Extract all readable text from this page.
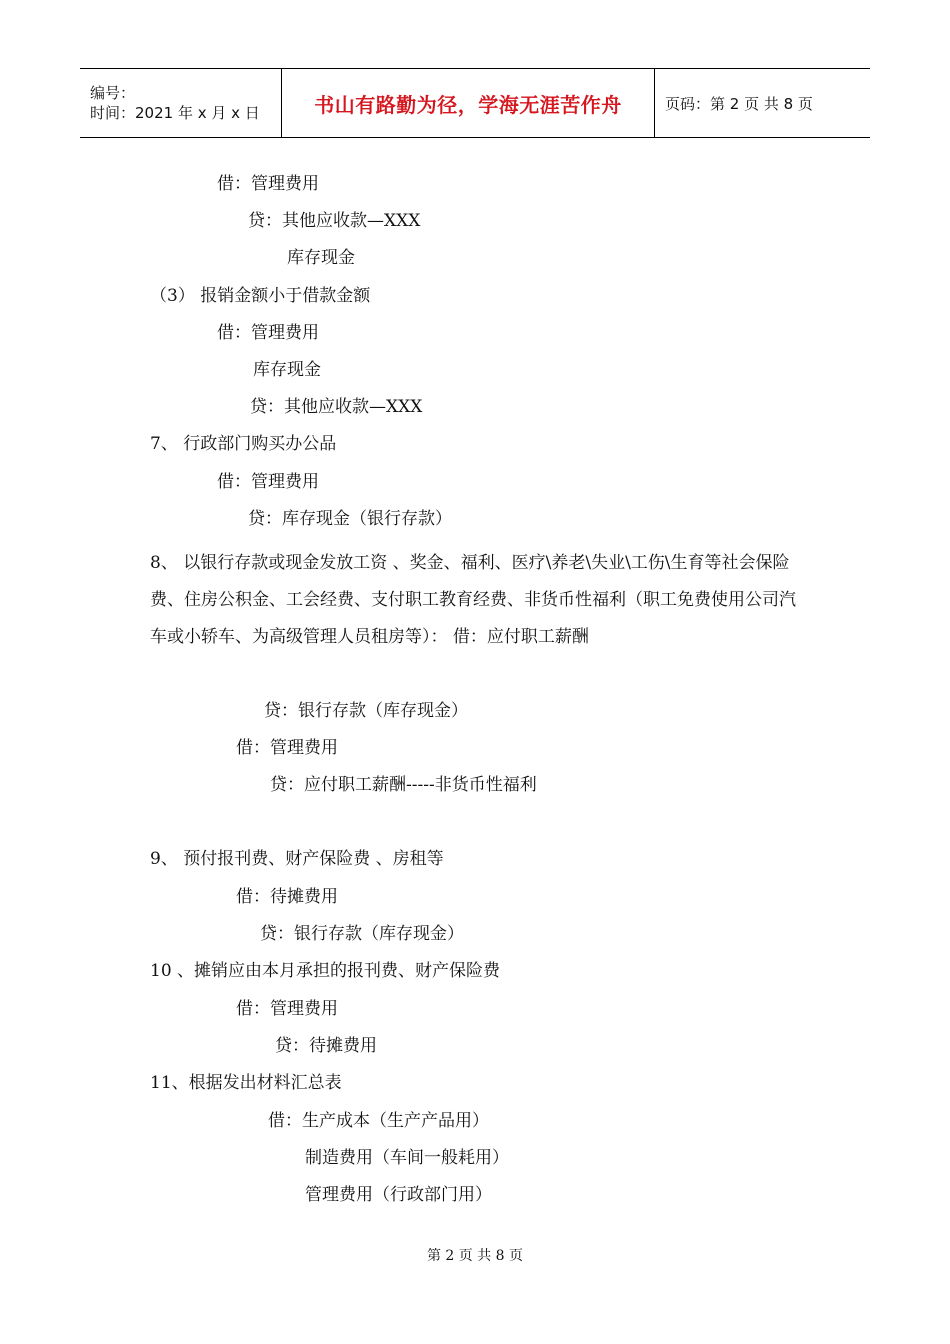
编号：
时间：2021 年 x 月 x 日	书山有路勤为径，学海无涯苦作舟	页码：第 2 页 共 8 页
借：管理费用
贷：其他应收款—XXX
库存现金
（3） 报销金额小于借款金额
借：管理费用
库存现金
贷：其他应收款—XXX
7、 行政部门购买办公品
借：管理费用
贷：库存现金（银行存款）
8、 以银行存款或现金发放工资 、奖金、福利、医疗\养老\失业\工伤\生育等社会保险费、住房公积金、工会经费、支付职工教育经费、非货币性福利（职工免费使用公司汽车或小轿车、为高级管理人员租房等）： 借：应付职工薪酬
贷：银行存款（库存现金）
借：管理费用
贷：应付职工薪酬-----非货币性福利
9、 预付报刊费、财产保险费 、房租等
借：待摊费用
贷：银行存款（库存现金）
10 、摊销应由本月承担的报刊费、财产保险费
借：管理费用
贷：待摊费用
11、根据发出材料汇总表
借：生产成本（生产产品用）
制造费用（车间一般耗用）
管理费用（行政部门用）
第 2 页 共 8 页
